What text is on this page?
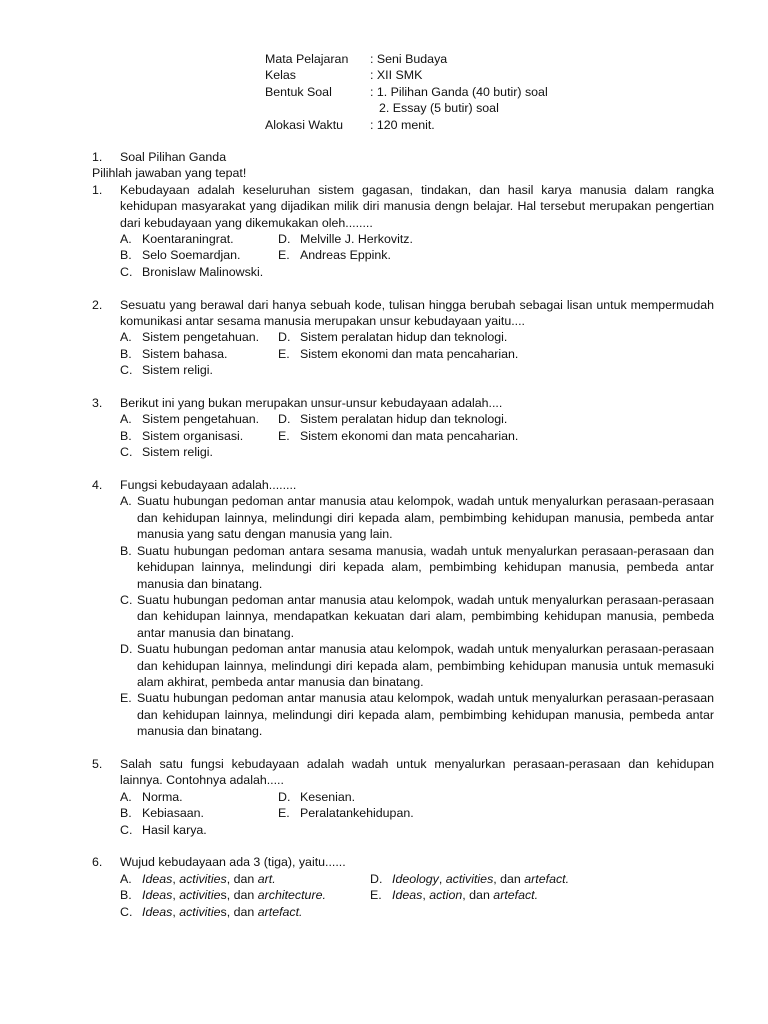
Mata Pelajaran	: Seni Budaya
Kelas	: XII SMK
Bentuk Soal	: 1. Pilihan Ganda (40 butir) soal
2. Essay (5 butir) soal
Alokasi Waktu	: 120 menit.
1.	Soal Pilihan Ganda
Pilihlah jawaban yang tepat!
1.	Kebudayaan adalah keseluruhan sistem gagasan, tindakan, dan hasil karya manusia dalam rangka kehidupan masyarakat yang dijadikan milik diri manusia dengn belajar. Hal tersebut merupakan pengertian dari kebudayaan yang dikemukakan oleh........
A. Koentaraningrat.	D. Melville J. Herkovitz.
B. Selo Soemardjan.	E. Andreas Eppink.
C. Bronislaw Malinowski.
2.	Sesuatu yang berawal dari hanya sebuah kode, tulisan hingga berubah sebagai lisan untuk mempermudah komunikasi antar sesama manusia merupakan unsur kebudayaan yaitu....
A. Sistem pengetahuan. D. Sistem peralatan hidup dan teknologi.
B. Sistem bahasa.	E. Sistem ekonomi dan mata pencaharian.
C. Sistem religi.
3.	Berikut ini yang bukan merupakan unsur-unsur kebudayaan adalah....
A. Sistem pengetahuan. D. Sistem peralatan hidup dan teknologi.
B. Sistem organisasi.	E. Sistem ekonomi dan mata pencaharian.
C. Sistem religi.
4.	Fungsi kebudayaan adalah........
A. Suatu hubungan pedoman antar manusia atau kelompok, wadah untuk menyalurkan perasaan-perasaan dan kehidupan lainnya, melindungi diri kepada alam, pembimbing kehidupan manusia, pembeda antar manusia yang satu dengan manusia yang lain.
B. Suatu hubungan pedoman antara sesama manusia, wadah untuk menyalurkan perasaan-perasaan dan kehidupan lainnya, melindungi diri kepada alam, pembimbing kehidupan manusia, pembeda antar manusia dan binatang.
C. Suatu hubungan pedoman antar manusia atau kelompok, wadah untuk menyalurkan perasaan-perasaan dan kehidupan lainnya, mendapatkan kekuatan dari alam, pembimbing kehidupan manusia, pembeda antar manusia dan binatang.
D. Suatu hubungan pedoman antar manusia atau kelompok, wadah untuk menyalurkan perasaan-perasaan dan kehidupan lainnya, melindungi diri kepada alam, pembimbing kehidupan manusia untuk memasuki alam akhirat, pembeda antar manusia dan binatang.
E. Suatu hubungan pedoman antar manusia atau kelompok, wadah untuk menyalurkan perasaan-perasaan dan kehidupan lainnya, melindungi diri kepada alam, pembimbing kehidupan manusia, pembeda antar manusia dan binatang.
5.	Salah satu fungsi kebudayaan adalah wadah untuk menyalurkan perasaan-perasaan dan kehidupan lainnya. Contohnya adalah.....
A. Norma.	D. Kesenian.
B. Kebiasaan.	E. Peralatankehidupan.
C. Hasil karya.
6.	Wujud kebudayaan ada 3 (tiga), yaitu......
A. Ideas, activities, dan art.	D. Ideology, activities, dan artefact.
B. Ideas, activities, dan architecture.	E. Ideas, action, dan artefact.
C. Ideas, activities, dan artefact.
